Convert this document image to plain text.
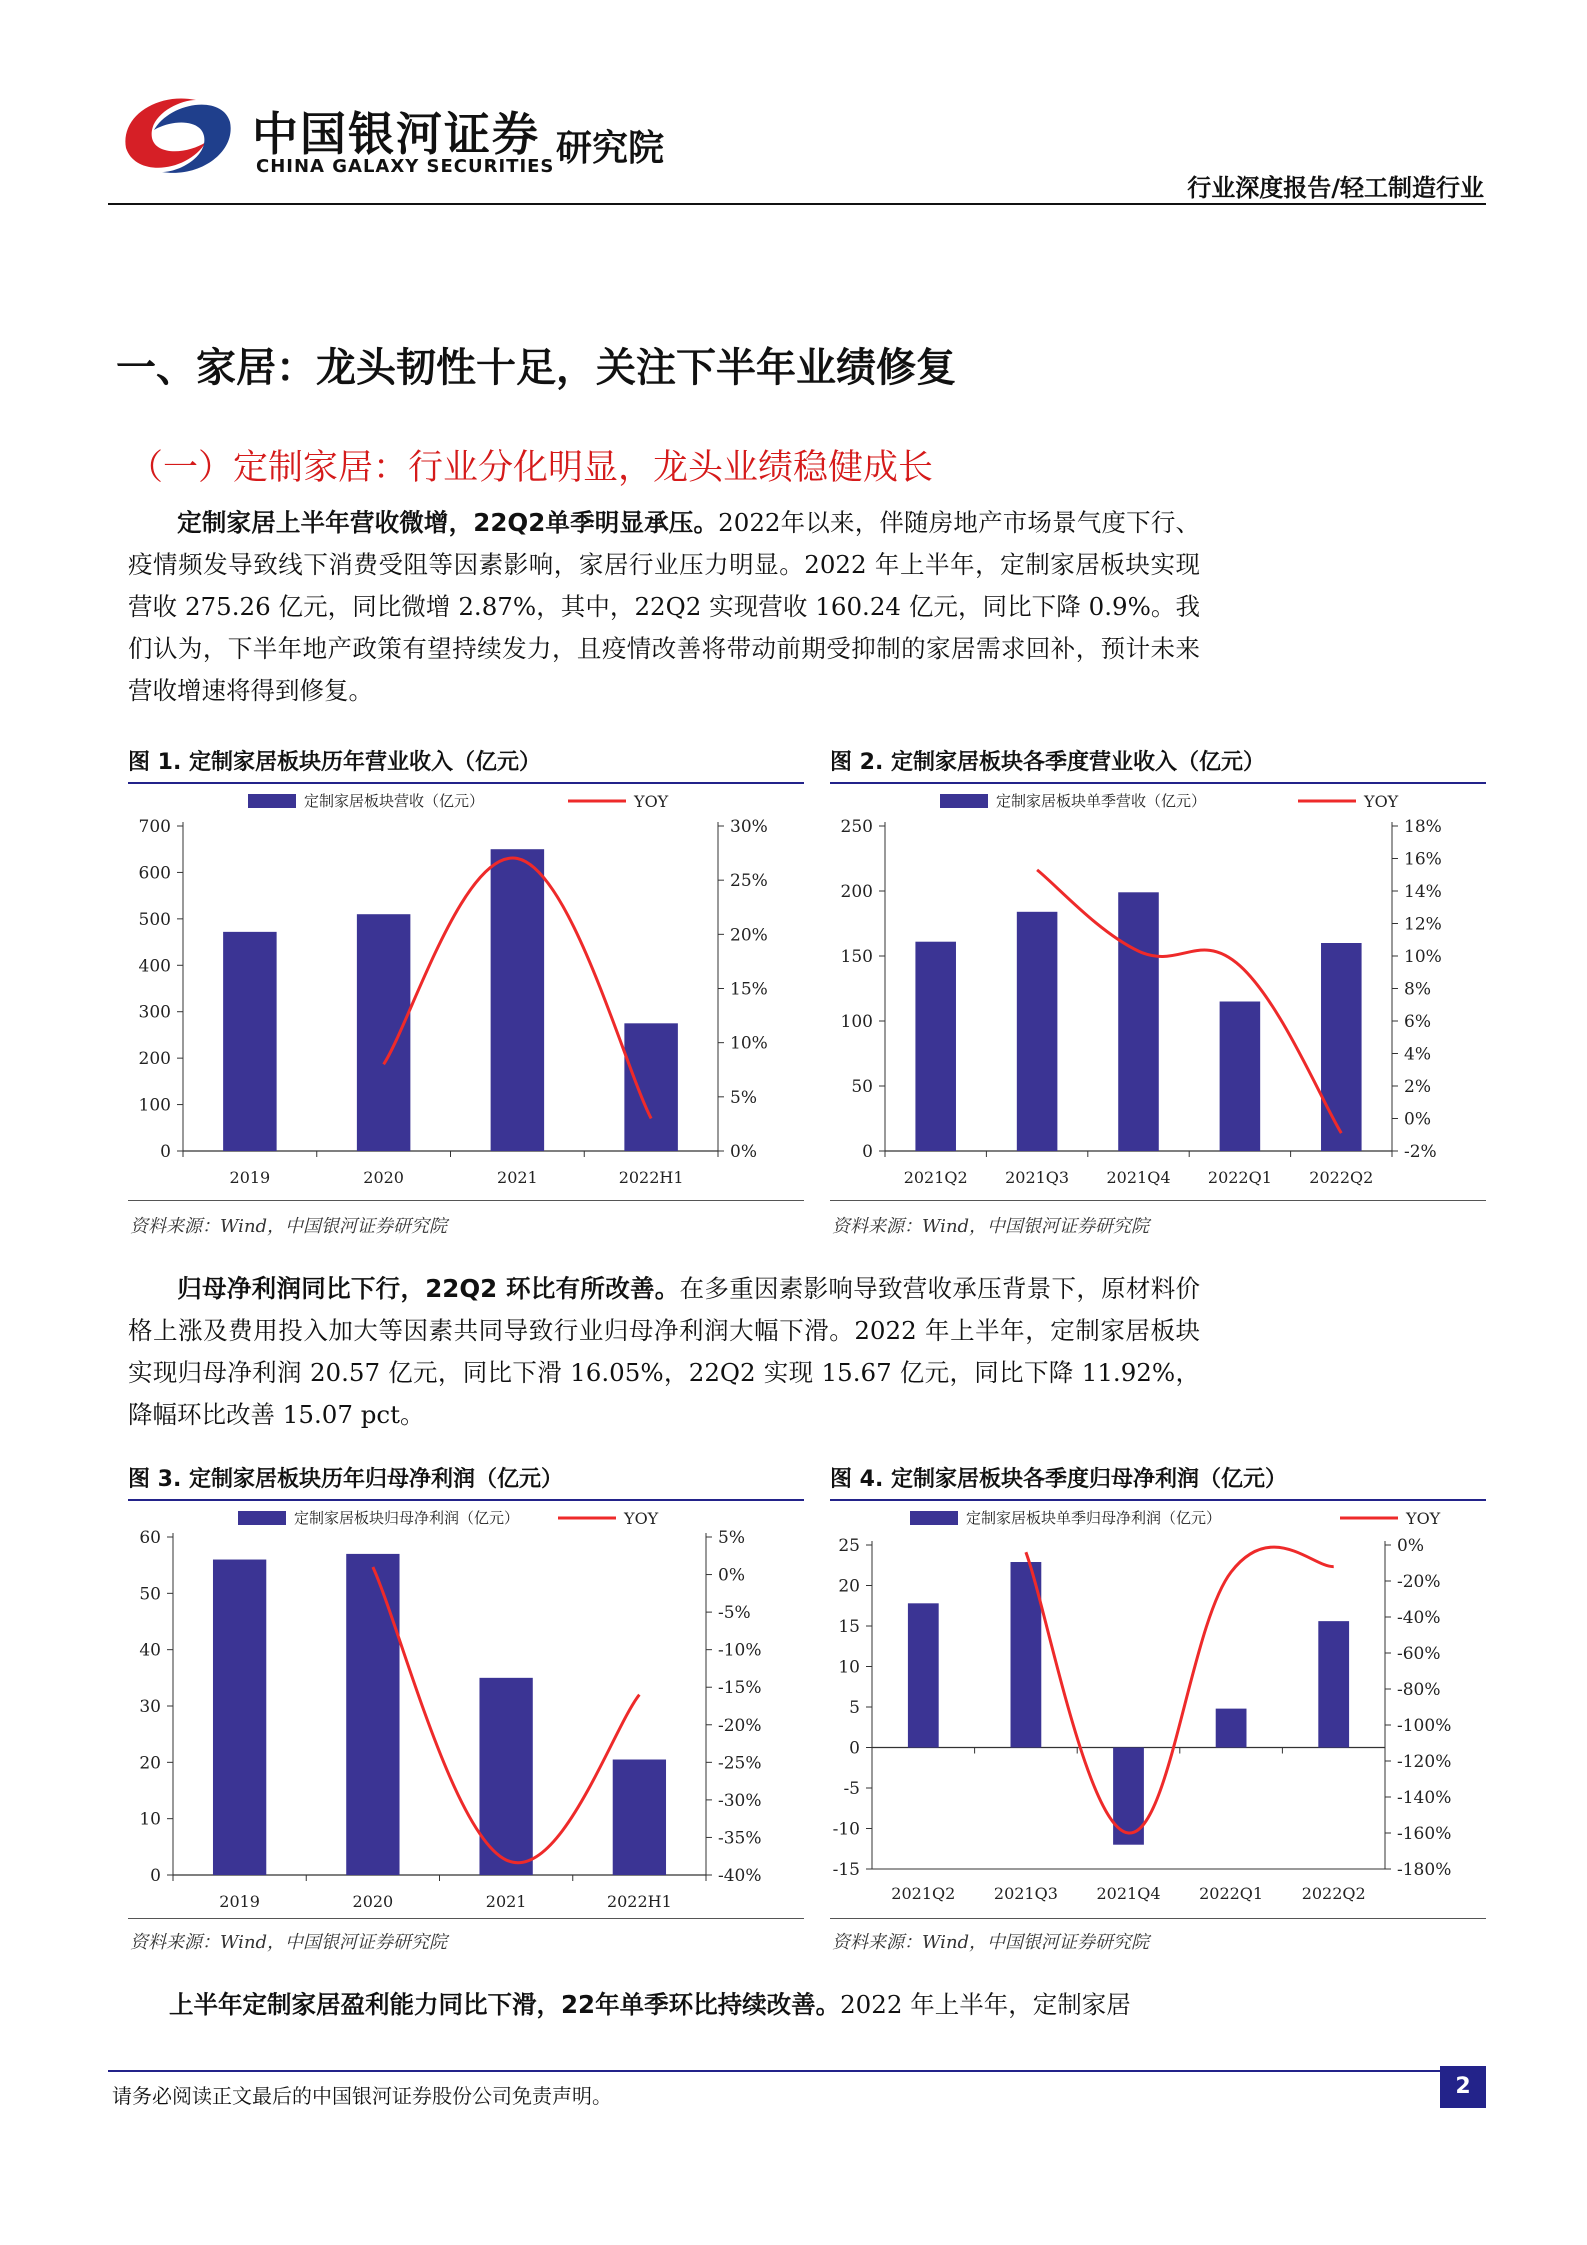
中国银河证券
CHINA GALAXY SECURITIES 研究院
行业深度报告/轻工制造行业
一、家居：龙头韧性十足，关注下半年业绩修复
（一）定制家居：行业分化明显，龙头业绩稳健成长
定制家居上半年营收微增，22Q2单季明显承压。2022年以来，伴随房地产市场景气度下行、疫情频发导致线下消费受阻等因素影响，家居行业压力明显。2022 年上半年，定制家居板块实现营收 275.26 亿元，同比微增 2.87%，其中，22Q2 实现营收 160.24 亿元，同比下降 0.9%。我们认为，下半年地产政策有望持续发力，且疫情改善将带动前期受抑制的家居需求回补，预计未来营收增速将得到修复。
图 1. 定制家居板块历年营业收入（亿元）	图 2. 定制家居板块各季度营业收入（亿元）
定制家居板块营收（亿元）	YOY
0
100
200
300
400
500
600
700
0%
5%
10%
15%
20%
25%
30%
2019	2020	2021	2022H1
定制家居板块单季营收（亿元）	YOY
0
50
100
150
200
250
-2%
0%
2%
4%
6%
8%
10%
12%
14%
16%
18%
2021Q2 2021Q3 2021Q4 2022Q1 2022Q2
资料来源：Wind，中国银河证券研究院	资料来源：Wind，中国银河证券研究院
归母净利润同比下行，22Q2 环比有所改善。在多重因素影响导致营收承压背景下，原材料价格上涨及费用投入加大等因素共同导致行业归母净利润大幅下滑。2022 年上半年，定制家居板块实现归母净利润 20.57 亿元，同比下滑 16.05%，22Q2 实现 15.67 亿元，同比下降 11.92%，降幅环比改善 15.07 pct。
图 3. 定制家居板块历年归母净利润（亿元）	图 4. 定制家居板块各季度归母净利润（亿元）
定制家居板块归母净利润（亿元）	YOY
0
10
20
30
40
50
60
-40%
-35%
-30%
-25%
-20%
-15%
-10%
-5%
0%
5%
2019	2020	2021	2022H1
定制家居板块单季归母净利润（亿元）	YOY
-15
-10
-5
0
5
10
15
20
25
-180%
-160%
-140%
-120%
-100%
-80%
-60%
-40%
-20%
0%
2021Q2 2021Q3 2021Q4 2022Q1 2022Q2
资料来源：Wind，中国银河证券研究院	资料来源：Wind，中国银河证券研究院
上半年定制家居盈利能力同比下滑，22年单季环比持续改善。2022 年上半年，定制家居
请务必阅读正文最后的中国银河证券股份公司免责声明。	2
